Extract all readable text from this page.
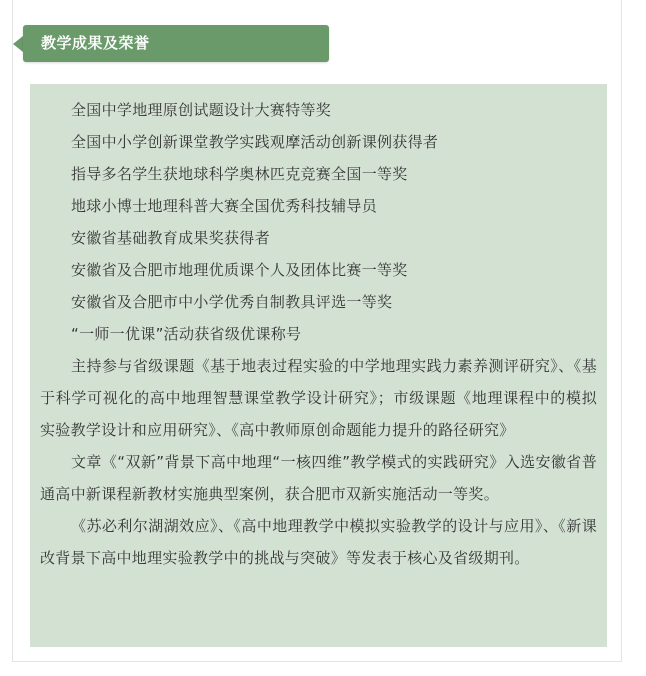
教学成果及荣誉
全国中学地理原创试题设计大赛特等奖
全国中小学创新课堂教学实践观摩活动创新课例获得者
指导多名学生获地球科学奥林匹克竞赛全国一等奖
地球小博士地理科普大赛全国优秀科技辅导员
安徽省基础教育成果奖获得者
安徽省及合肥市地理优质课个人及团体比赛一等奖
安徽省及合肥市中小学优秀自制教具评选一等奖
“一师一优课”活动获省级优课称号

主持参与省级课题《基于地表过程实验的中学地理实践力素养测评研究》、《基于科学可视化的高中地理智慧课堂教学设计研究》；市级课题《地理课程中的模拟实验教学设计和应用研究》、《高中教师原创命题能力提升的路径研究》

文章《“双新”背景下高中地理“一核四维”教学模式的实践研究》入选安徽省普通高中新课程新教材实施典型案例，获合肥市双新实施活动一等奖。

《苏必利尔湖湖效应》、《高中地理教学中模拟实验教学的设计与应用》、《新课改背景下高中地理实验教学中的挑战与突破》等发表于核心及省级期刊。
